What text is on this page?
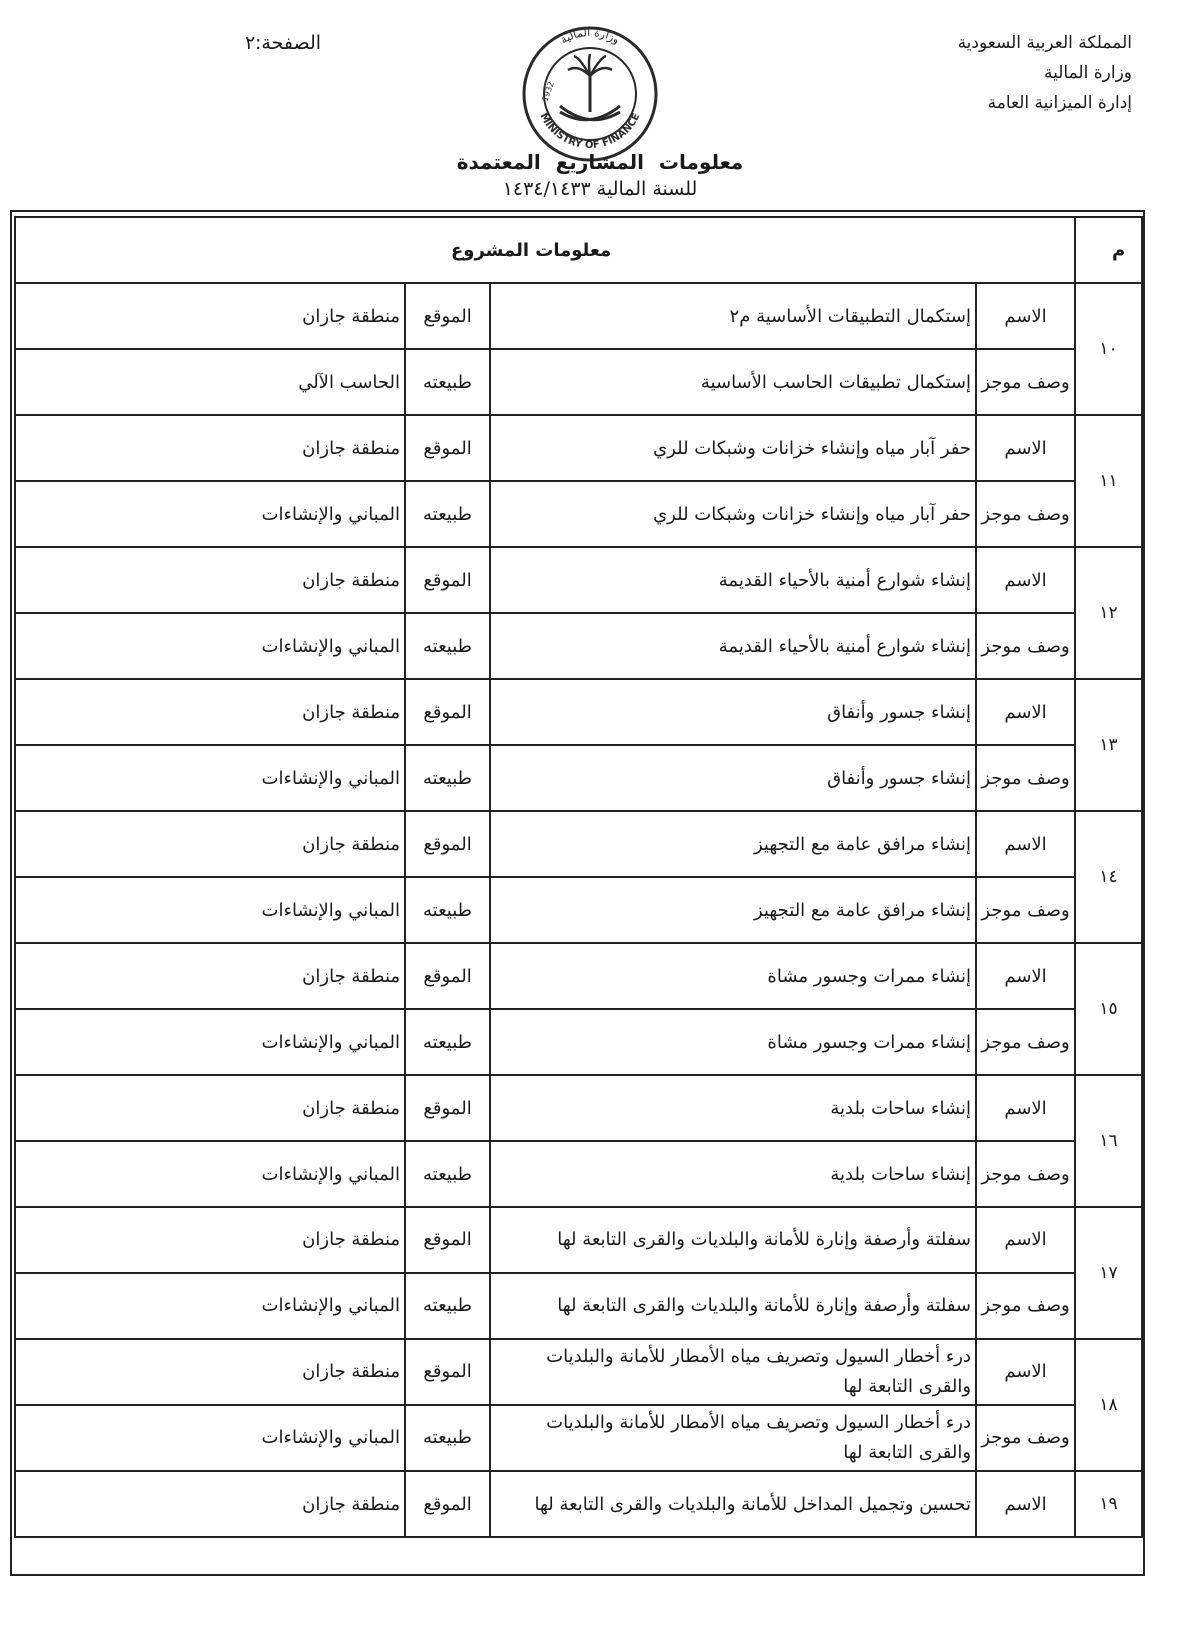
المملكة العربية السعودية
وزارة المالية
إدارة الميزانية العامة
الصفحة:
٢
MINISTRY OF FINANCE
وزارة المالية
1932
معلومات المشاريع المعتمدة
للسنة المالية ١٤٣٤/١٤٣٣
م	معلومات المشروع			
١٠	الاسم	إستكمال التطبيقات الأساسية م٢	الموقع	منطقة جازان
	وصف موجز	إستكمال تطبيقات الحاسب الأساسية	طبيعته	الحاسب الآلي
١١	الاسم	حفر آبار مياه وإنشاء خزانات وشبكات للري	الموقع	منطقة جازان
	وصف موجز	حفر آبار مياه وإنشاء خزانات وشبكات للري	طبيعته	المباني والإنشاءات
١٢	الاسم	إنشاء شوارع أمنية بالأحياء القديمة	الموقع	منطقة جازان
	وصف موجز	إنشاء شوارع أمنية بالأحياء القديمة	طبيعته	المباني والإنشاءات
١٣	الاسم	إنشاء جسور وأنفاق	الموقع	منطقة جازان
	وصف موجز	إنشاء جسور وأنفاق	طبيعته	المباني والإنشاءات
١٤	الاسم	إنشاء مرافق عامة مع التجهيز	الموقع	منطقة جازان
	وصف موجز	إنشاء مرافق عامة مع التجهيز	طبيعته	المباني والإنشاءات
١٥	الاسم	إنشاء ممرات وجسور مشاة	الموقع	منطقة جازان
	وصف موجز	إنشاء ممرات وجسور مشاة	طبيعته	المباني والإنشاءات
١٦	الاسم	إنشاء ساحات بلدية	الموقع	منطقة جازان
	وصف موجز	إنشاء ساحات بلدية	طبيعته	المباني والإنشاءات
١٧	الاسم	سفلتة وأرصفة وإنارة للأمانة والبلديات والقرى التابعة لها	الموقع	منطقة جازان
	وصف موجز	سفلتة وأرصفة وإنارة للأمانة والبلديات والقرى التابعة لها	طبيعته	المباني والإنشاءات
١٨	الاسم	درء أخطار السيول وتصريف مياه الأمطار للأمانة والبلديات والقرى التابعة لها	الموقع	منطقة جازان
	وصف موجز	درء أخطار السيول وتصريف مياه الأمطار للأمانة والبلديات والقرى التابعة لها	طبيعته	المباني والإنشاءات
١٩	الاسم	تحسين وتجميل المداخل للأمانة والبلديات والقرى التابعة لها	الموقع	منطقة جازان
